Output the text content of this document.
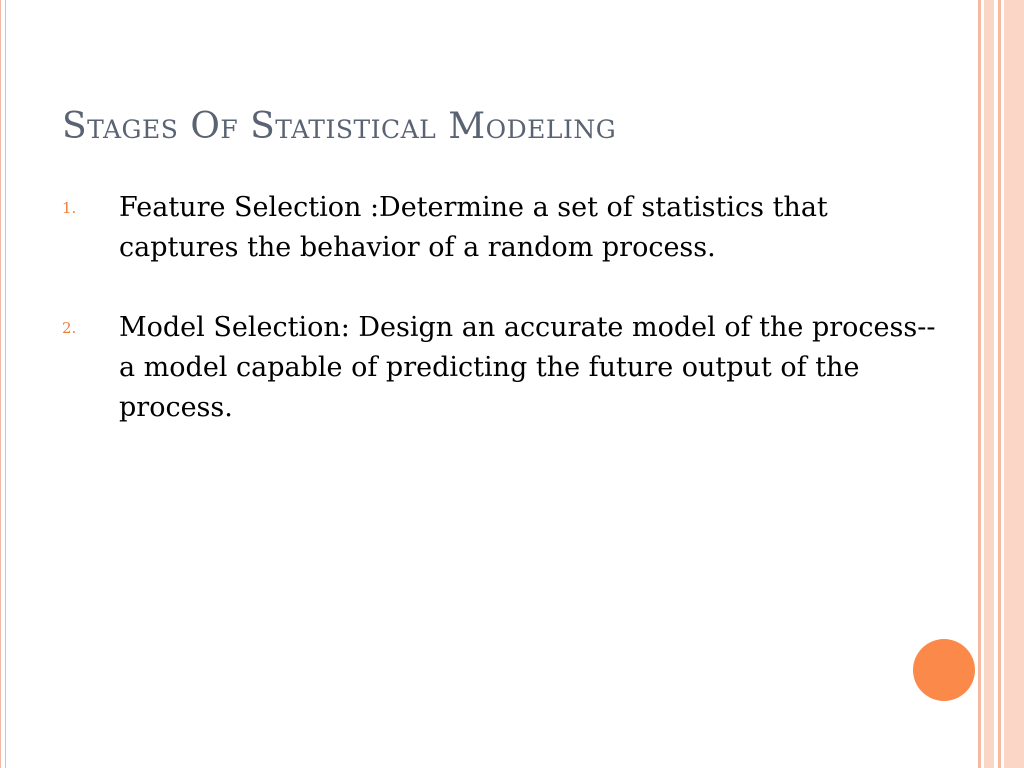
Stages Of Statistical Modeling
1.	Feature Selection :Determine a set of statistics that captures the behavior of a random process.
2.	Model Selection: Design an accurate model of the process--a model capable of predicting the future output of the process.
